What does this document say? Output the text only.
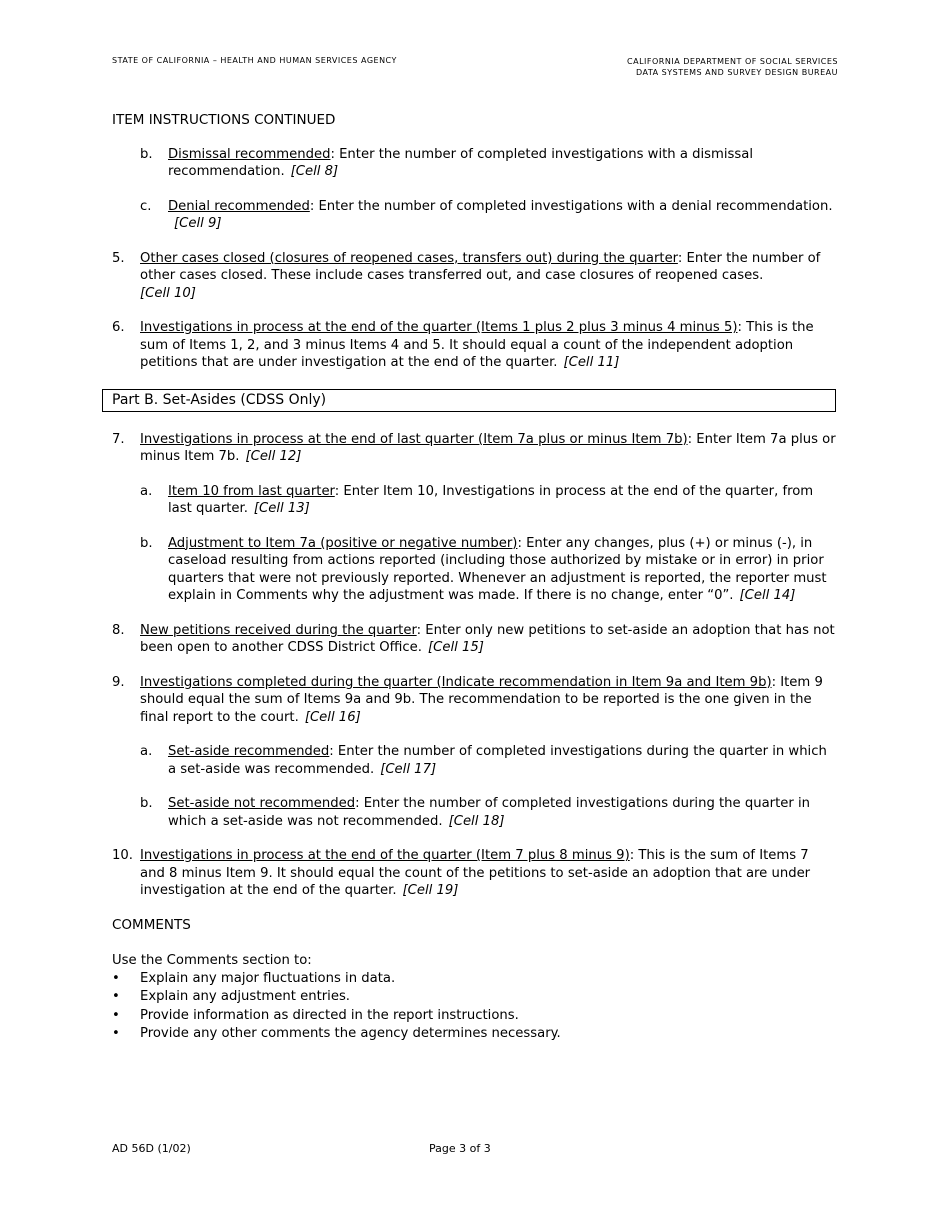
STATE OF CALIFORNIA – HEALTH AND HUMAN SERVICES AGENCY	CALIFORNIA DEPARTMENT OF SOCIAL SERVICES
DATA SYSTEMS AND SURVEY DESIGN BUREAU
ITEM INSTRUCTIONS CONTINUED
b. Dismissal recommended: Enter the number of completed investigations with a dismissal recommendation. [Cell 8]
c. Denial recommended: Enter the number of completed investigations with a denial recommendation.[Cell 9]
5. Other cases closed (closures of reopened cases, transfers out) during the quarter: Enter the number of other cases closed. These include cases transferred out, and case closures of reopened cases.
[Cell 10]
6. Investigations in process at the end of the quarter (Items 1 plus 2 plus 3 minus 4 minus 5): This is the sum of Items 1, 2, and 3 minus Items 4 and 5. It should equal a count of the independent adoption petitions that are under investigation at the end of the quarter. [Cell 11]
Part B. Set-Asides (CDSS Only)
7. Investigations in process at the end of last quarter (Item 7a plus or minus Item 7b): Enter Item 7a plus or minus Item 7b. [Cell 12]
a. Item 10 from last quarter: Enter Item 10, Investigations in process at the end of the quarter, from last quarter. [Cell 13]
b. Adjustment to Item 7a (positive or negative number): Enter any changes, plus (+) or minus (-), in caseload resulting from actions reported (including those authorized by mistake or in error) in prior quarters that were not previously reported. Whenever an adjustment is reported, the reporter must explain in Comments why the adjustment was made. If there is no change, enter “0”. [Cell 14]
8. New petitions received during the quarter: Enter only new petitions to set-aside an adoption that has not been open to another CDSS District Office. [Cell 15]
9. Investigations completed during the quarter (Indicate recommendation in Item 9a and Item 9b): Item 9 should equal the sum of Items 9a and 9b. The recommendation to be reported is the one given in the final report to the court. [Cell 16]
a. Set-aside recommended: Enter the number of completed investigations during the quarter in which a set-aside was recommended. [Cell 17]
b. Set-aside not recommended: Enter the number of completed investigations during the quarter in which a set-aside was not recommended. [Cell 18]
10. Investigations in process at the end of the quarter (Item 7 plus 8 minus 9): This is the sum of Items 7 and 8 minus Item 9. It should equal the count of the petitions to set-aside an adoption that are under investigation at the end of the quarter. [Cell 19]
COMMENTS
Use the Comments section to:
• Explain any major fluctuations in data.
• Explain any adjustment entries.
• Provide information as directed in the report instructions.
• Provide any other comments the agency determines necessary.
AD 56D (1/02)	Page 3 of 3
